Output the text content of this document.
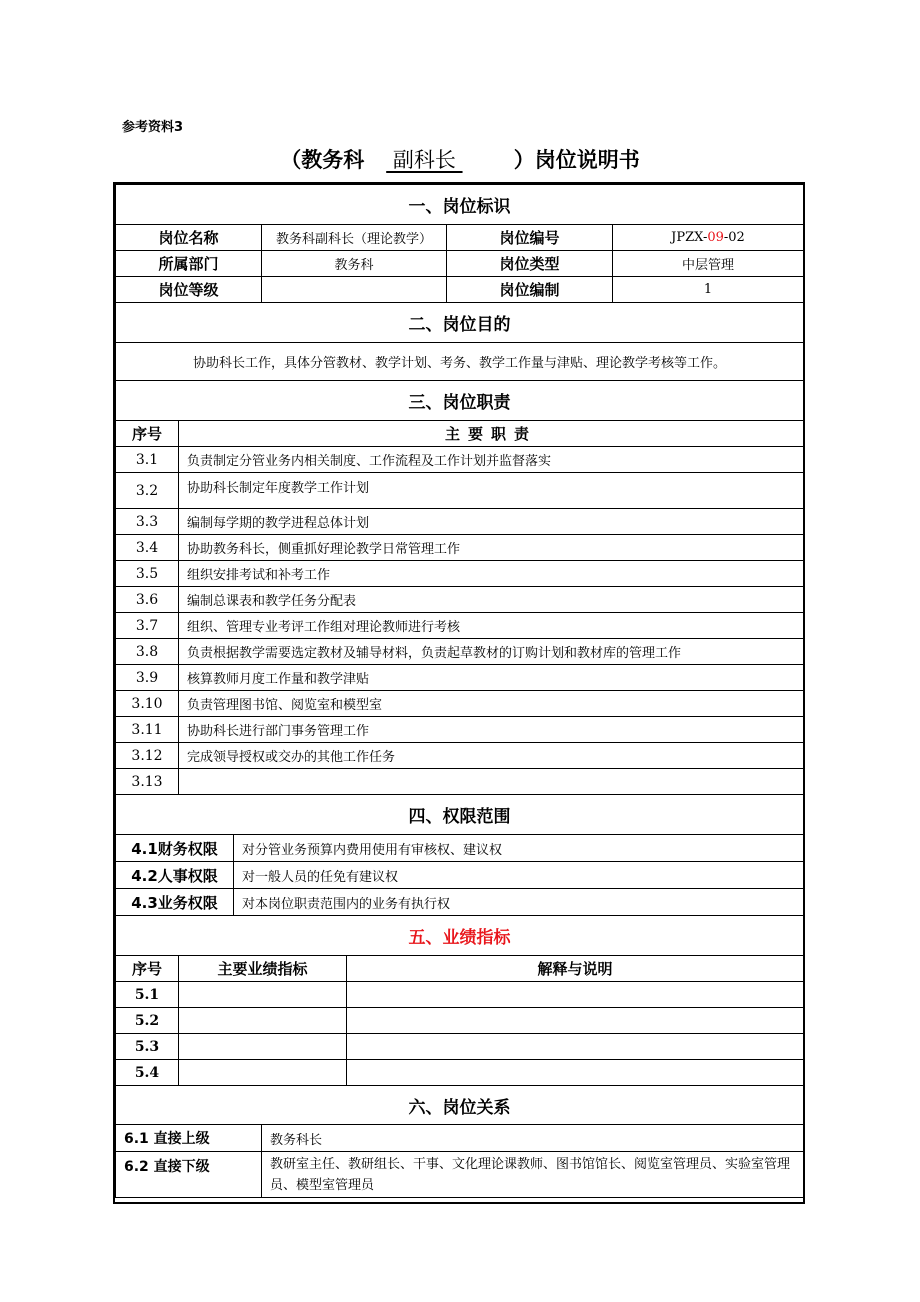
参考资料3
（教务科    副科长        ）岗位说明书
一、岗位标识						
岗位名称			教务科副科长（理论教学）		岗位编号	JPZX-09-02
所属部门			教务科		岗位类型	中层管理
岗位等级					岗位编制	1
二、岗位目的						
协助科长工作，具体分管教材、教学计划、考务、教学工作量与津贴、理论教学考核等工作。						
三、岗位职责						
序号	主要职责					
3.1	负责制定分管业务内相关制度、工作流程及工作计划并监督落实					
3.2	协助科长制定年度教学工作计划					
3.3	编制每学期的教学进程总体计划					
3.4	协助教务科长，侧重抓好理论教学日常管理工作					
3.5	组织安排考试和补考工作					
3.6	编制总课表和教学任务分配表					
3.7	组织、管理专业考评工作组对理论教师进行考核					
3.8	负责根据教学需要选定教材及辅导材料，负责起草教材的订购计划和教材库的管理工作					
3.9	核算教师月度工作量和教学津贴					
3.10	负责管理图书馆、阅览室和模型室					
3.11	协助科长进行部门事务管理工作					
3.12	完成领导授权或交办的其他工作任务					
3.13						
四、权限范围						
4.1财务权限		对分管业务预算内费用使用有审核权、建议权				
4.2人事权限		对一般人员的任免有建议权				
4.3业务权限		对本岗位职责范围内的业务有执行权				
五、业绩指标						
序号	主要业绩指标			解释与说明		
5.1						
5.2						
5.3						
5.4						
六、岗位关系						
6.1 直接上级			教务科长			
6.2 直接下级			教研室主任、教研组长、干事、文化理论课教师、图书馆馆长、阅览室管理员、实验室管理员、模型室管理员			
